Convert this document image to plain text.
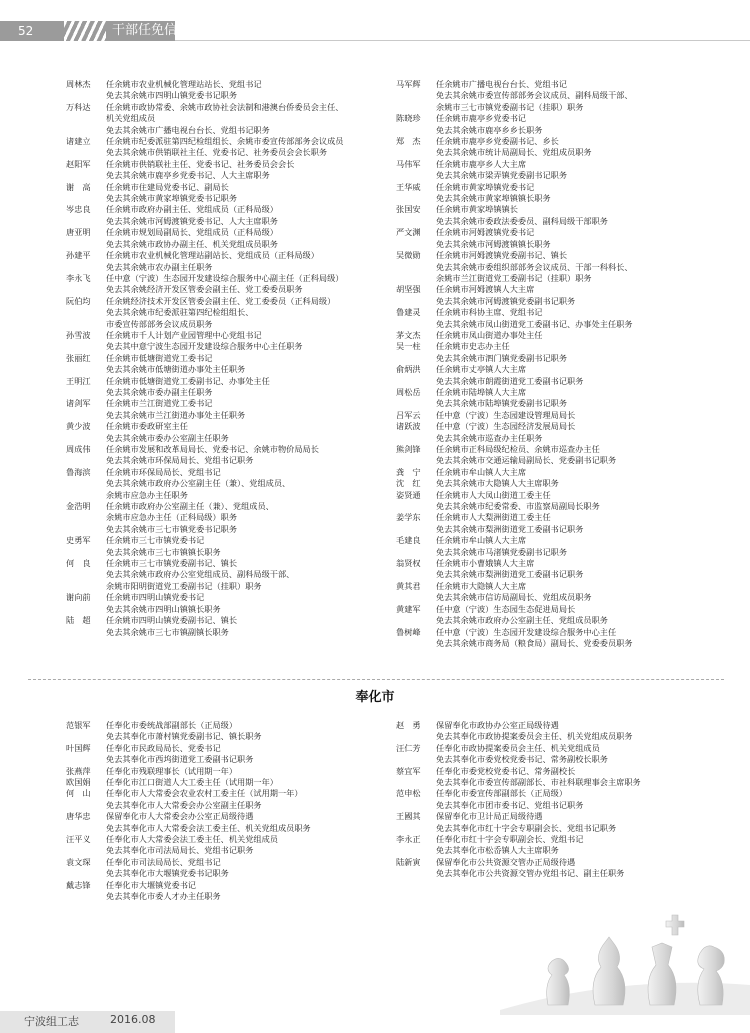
52	干部任免信息
周林杰	任余姚市农业机械化管理站站长、党组书记
免去其余姚市四明山镇党委书记职务
万科达	任余姚市政协常委、余姚市政协社会法制和港澳台侨委员会主任、
机关党组成员
免去其余姚市广播电视台台长、党组书记职务
诸建立	任余姚市纪委派驻第四纪检组组长、余姚市委宣传部部务会议成员
免去其余姚市供销联社主任、党委书记、社务委员会会长职务
赵阳军	任余姚市供销联社主任、党委书记、社务委员会会长
免去其余姚市鹿亭乡党委书记、人大主席职务
谢　高	任余姚市住建局党委书记、副局长
免去其余姚市黄家埠镇党委书记职务
岑忠良	任余姚市政府办副主任、党组成员（正科局级）
免去其余姚市河姆渡镇党委书记、人大主席职务
唐亚明	任余姚市规划局副局长、党组成员（正科局级）
免去其余姚市政协办副主任、机关党组成员职务
孙建平	任余姚市农业机械化管理站副站长、党组成员（正科局级）
免去其余姚市农办副主任职务
李永飞	任中意（宁波）生态园开发建设综合服务中心副主任（正科局级）
免去其余姚经济开发区管委会副主任、党工委委员职务
阮伯均	任余姚经济技术开发区管委会副主任、党工委委员（正科局级）
免去其余姚市纪委派驻第四纪检组组长、
市委宣传部部务会议成员职务
孙雪波	任余姚市千人计划产业园管理中心党组书记
免去其中意宁波生态园开发建设综合服务中心主任职务
张丽红	任余姚市低塘街道党工委书记
免去其余姚市低塘街道办事处主任职务
王明江	任余姚市低塘街道党工委副书记、办事处主任
免去其余姚市委办副主任职务
诸剑军	任余姚市兰江街道党工委书记
免去其余姚市兰江街道办事处主任职务
黄少波	任余姚市委政研室主任
免去其余姚市委办公室副主任职务
周成伟	任余姚市发展和改革局局长、党委书记、余姚市物价局局长
免去其余姚市环保局局长、党组书记职务
鲁海滨	任余姚市环保局局长、党组书记
免去其余姚市政府办公室副主任（兼）、党组成员、
余姚市应急办主任职务
金浩明	任余姚市政府办公室副主任（兼）、党组成员、
余姚市应急办主任（正科局级）职务
免去其余姚市三七市镇党委书记职务
史勇军	任余姚市三七市镇党委书记
免去其余姚市三七市镇镇长职务
何　良	任余姚市三七市镇党委副书记、镇长
免去其余姚市政府办公室党组成员、副科局级干部、
余姚市阳明街道党工委副书记（挂职）职务
谢向前	任余姚市四明山镇党委书记
免去其余姚市四明山镇镇长职务
陆　超	任余姚市四明山镇党委副书记、镇长
免去其余姚市三七市镇副镇长职务
马军辉	任余姚市广播电视台台长、党组书记
免去其余姚市委宣传部部务会议成员、副科局级干部、
余姚市三七市镇党委副书记（挂职）职务
陈晓珍	任余姚市鹿亭乡党委书记
免去其余姚市鹿亭乡乡长职务
郑　杰	任余姚市鹿亭乡党委副书记、乡长
免去其余姚市统计局副局长、党组成员职务
马伟军	任余姚市鹿亭乡人大主席
免去其余姚市梁弄镇党委副书记职务
王华威	任余姚市黄家埠镇党委书记
免去其余姚市黄家埠镇镇长职务
张国安	任余姚市黄家埠镇镇长
免去其余姚市委政法委委员、副科局级干部职务
严文渊	任余姚市河姆渡镇党委书记
免去其余姚市河姆渡镇镇长职务
吴微勋	任余姚市河姆渡镇党委副书记、镇长
免去其余姚市委组织部部务会议成员、干部一科科长、
余姚市兰江街道党工委副书记（挂职）职务
胡坚强	任余姚市河姆渡镇人大主席
免去其余姚市河姆渡镇党委副书记职务
鲁建灵	任余姚市科协主席、党组书记
免去其余姚市凤山街道党工委副书记、办事处主任职务
茅文杰	任余姚市凤山街道办事处主任
吴一柱	任余姚市史志办主任
免去其余姚市泗门镇党委副书记职务
俞炳洪	任余姚市丈亭镇人大主席
免去其余姚市朗霞街道党工委副书记职务
周松岳	任余姚市陆埠镇人大主席
免去其余姚市陆埠镇党委副书记职务
吕军云	任中意（宁波）生态园建设管理局局长
诸跃波	任中意（宁波）生态园经济发展局局长
免去其余姚市巡查办主任职务
熊剑锋	任余姚市正科局级纪检员、余姚市巡查办主任
免去其余姚市交通运输局副局长、党委副书记职务
龚　宁	任余姚市牟山镇人大主席
沈　红	免去其余姚市大隐镇人大主席职务
姿贤通	任余姚市人大凤山街道工委主任
免去其余姚市纪委常委、市监察局副局长职务
姜学东	任余姚市人大梨洲街道工委主任
免去其余姚市梨洲街道党工委副书记职务
毛建良	任余姚市牟山镇人大主席
免去其余姚市马渚镇党委副书记职务
翁贤权	任余姚市小曹娥镇人大主席
免去其余姚市梨洲街道党工委副书记职务
黄其君	任余姚市大隐镇人大主席
免去其余姚市信访局副局长、党组成员职务
黄建军	任中意（宁波）生态园生态促进局局长
免去其余姚市政府办公室副主任、党组成员职务
鲁树峰	任中意（宁波）生态园开发建设综合服务中心主任
免去其余姚市商务局（粮食局）副局长、党委委员职务
奉化市
范银军	任奉化市委统战部副部长（正局级）
免去其奉化市萧村镇党委副书记、镇长职务
叶国辉	任奉化市民政局局长、党委书记
免去其奉化市西坞街道党工委副书记职务
张燕萍	任奉化市残联理事长（试用期一年）
欧国娟	任奉化市江口街道人大工委主任（试用期一年）
何　山	任奉化市人大常委会农业农村工委主任（试用期一年）
免去其奉化市人大常委会办公室副主任职务
唐华忠	保留奉化市人大常委会办公室正局级待遇
免去其奉化市人大常委会法工委主任、机关党组成员职务
汪平义	任奉化市人大常委会法工委主任、机关党组成员
免去其奉化市司法局局长、党组书记职务
袁文琛	任奉化市司法局局长、党组书记
免去其奉化市大堰镇党委书记职务
戴志锋	任奉化市大堰镇党委书记
免去其奉化市委人才办主任职务
赵　勇	保留奉化市政协办公室正局级待遇
免去其奉化市政协提案委员会主任、机关党组成员职务
汪仁芳	任奉化市政协提案委员会主任、机关党组成员
免去其奉化市委党校党委书记、常务副校长职务
蔡宜军	任奉化市委党校党委书记、常务副校长
免去其奉化市委宣传部副部长、市社科联理事会主席职务
范申松	任奉化市委宣传部副部长（正局级）
免去其奉化市团市委书记、党组书记职务
王國其	保留奉化市卫计局正局级待遇
免去其奉化市红十字会专职副会长、党组书记职务
李永正	任奉化市红十字会专职副会长、党组书记
免去其奉化市松岙镇人大主席职务
陆新寅	保留奉化市公共资源交管办正局级待遇
免去其奉化市公共资源交管办党组书记、副主任职务
宁波组工志	2016.08
